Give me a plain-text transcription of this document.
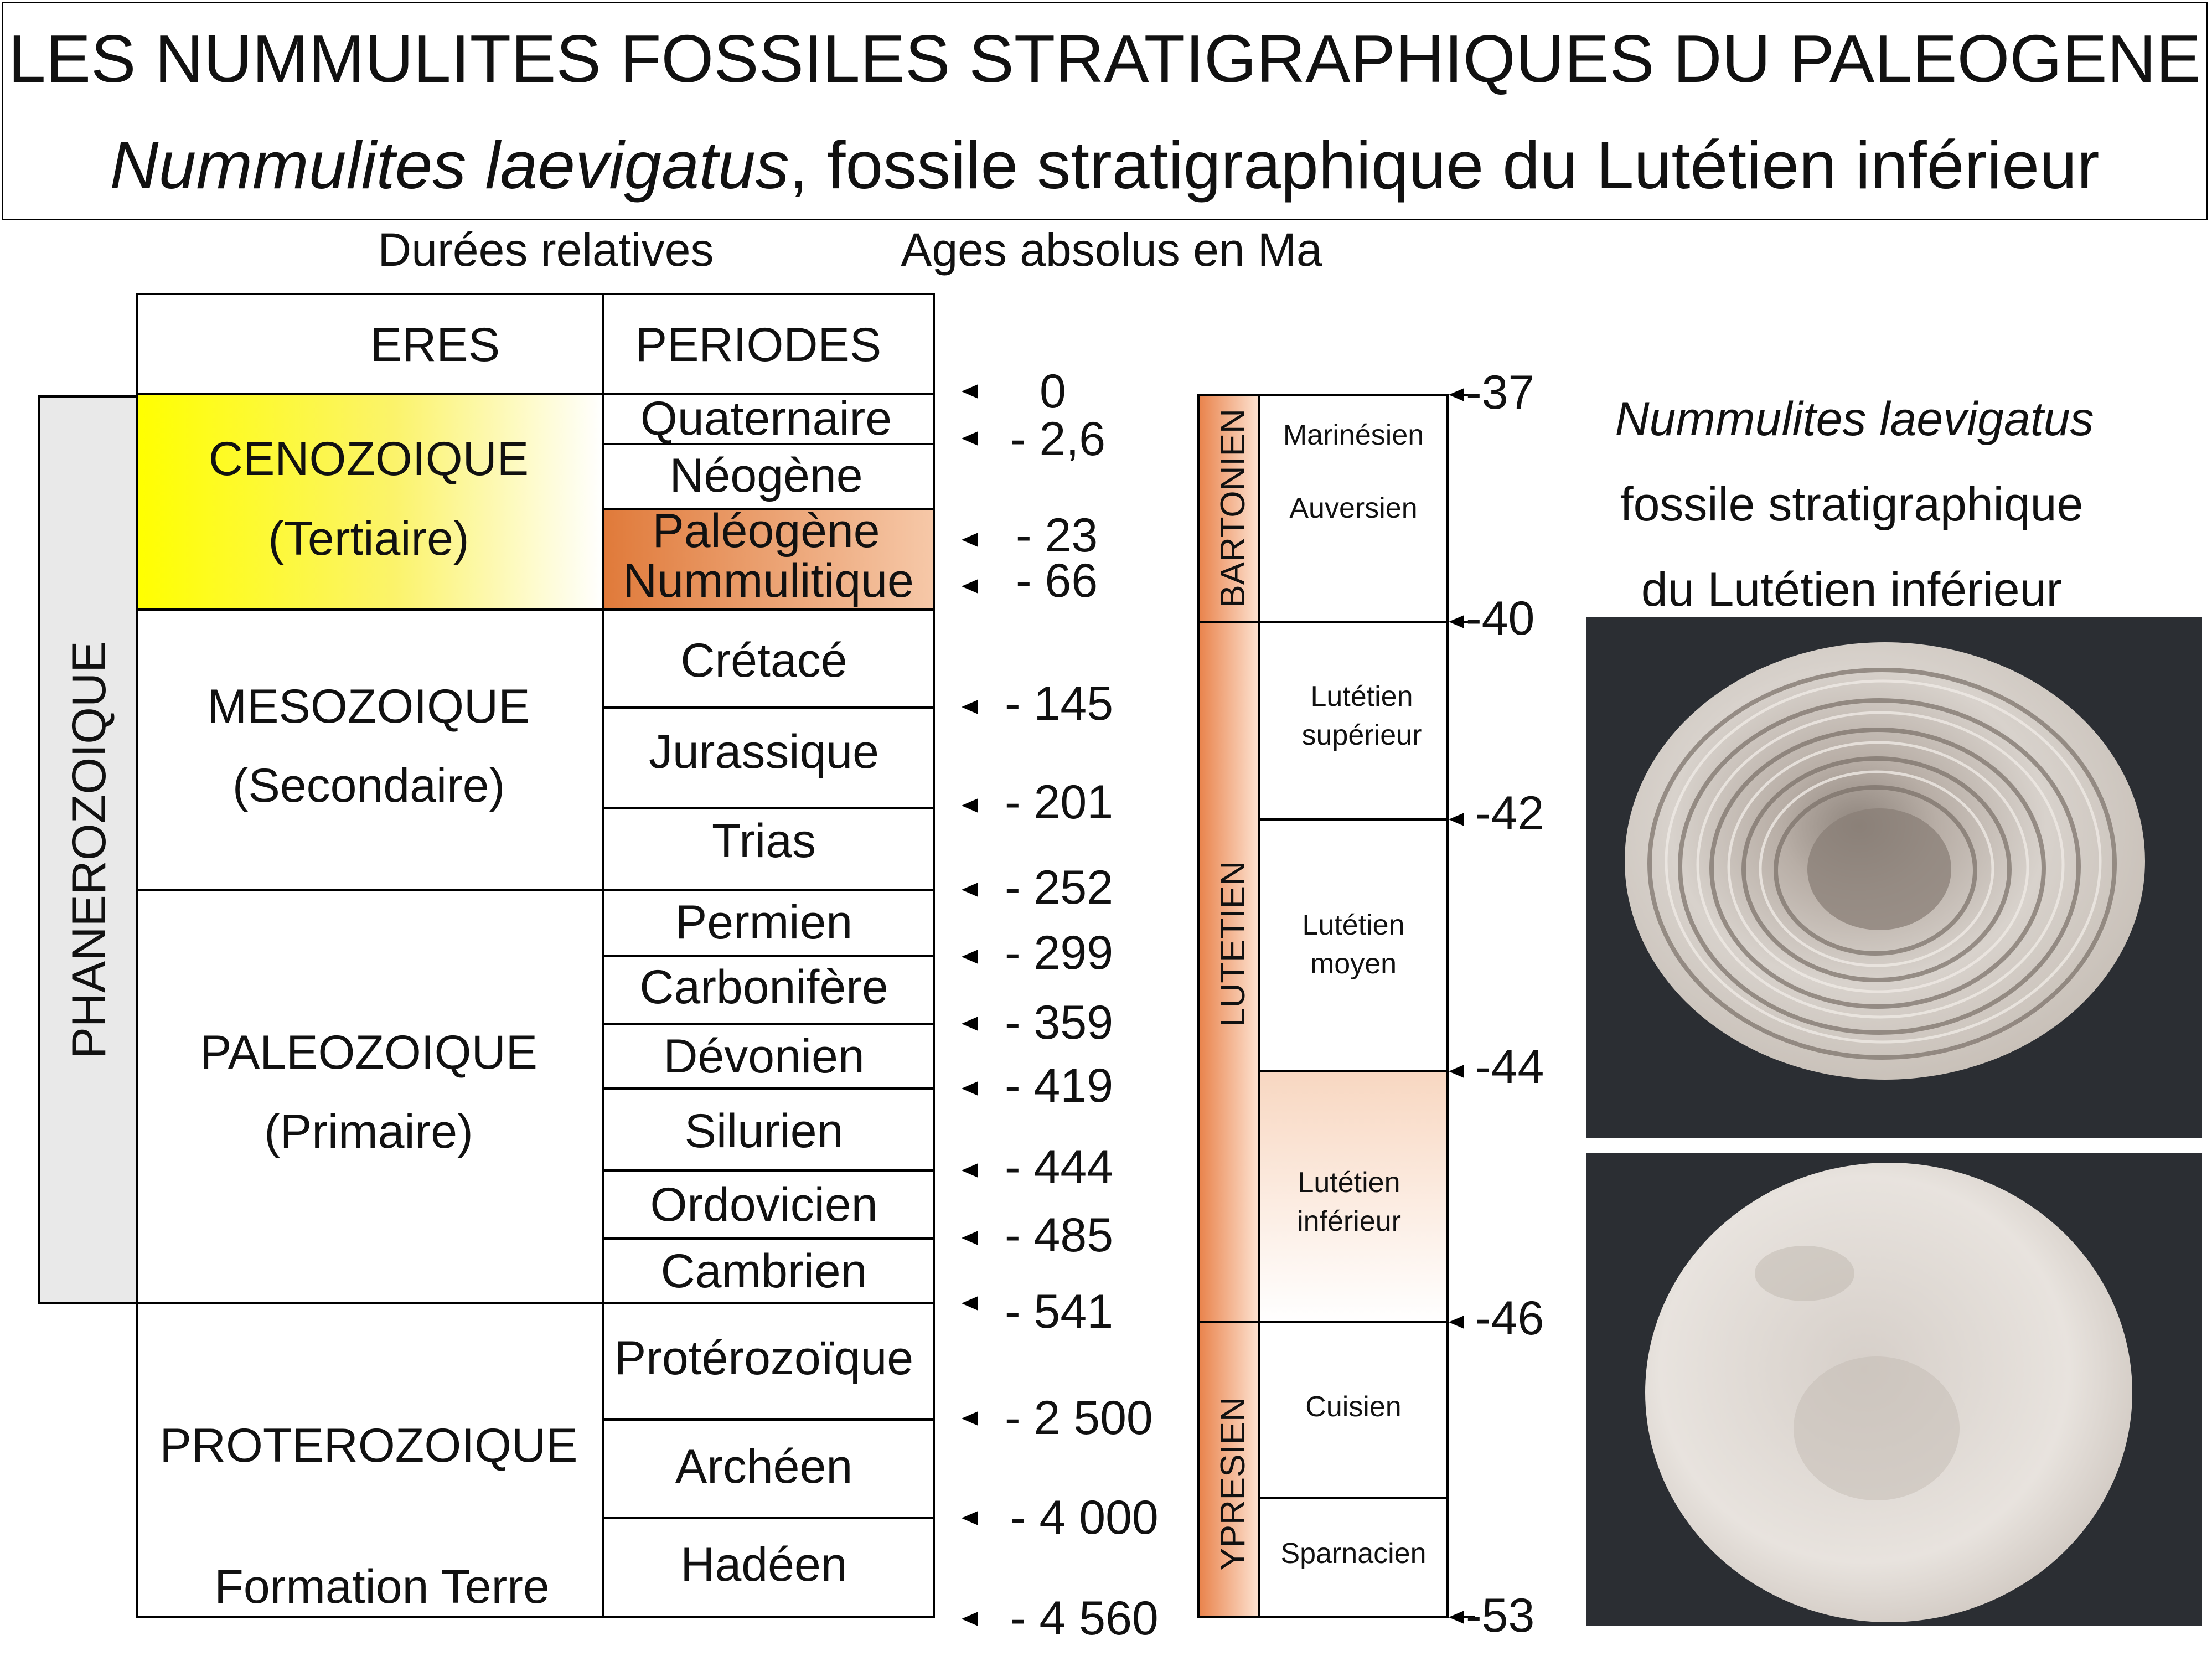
LES NUMMULITES FOSSILES STRATIGRAPHIQUES DU PALEOGENE
Nummulites laevigatus, fossile stratigraphique du Lutétien inférieur
Durées relatives	Ages absolus en Ma
ERES	PERIODES
PHANEROZOIQUE
CENOZOIQUE
(Tertiaire)
MESOZOIQUE
(Secondaire)
PALEOZOIQUE
(Primaire)
PROTEROZOIQUE
Formation Terre
Quaternaire
Néogène
Paléogène
Nummulitique
Crétacé
Jurassique
Trias
Permien
Carbonifère
Dévonien
Silurien
Ordovicien
Cambrien
Protérozoïque
Archéen
Hadéen
0
- 2,6
- 23
- 66
- 145
- 201
- 252
- 299
- 359
- 419
- 444
- 485
- 541
- 2 500
- 4 000
- 4 560
BARTONIEN
LUTETIEN
YPRESIEN
Marinésien
Auversien
Lutétien
supérieur
Lutétien
moyen
Lutétien
inférieur
Cuisien
Sparnacien
-37
-40
-42
-44
-46
-53
Nummulites laevigatus
fossile stratigraphique
du Lutétien inférieur
